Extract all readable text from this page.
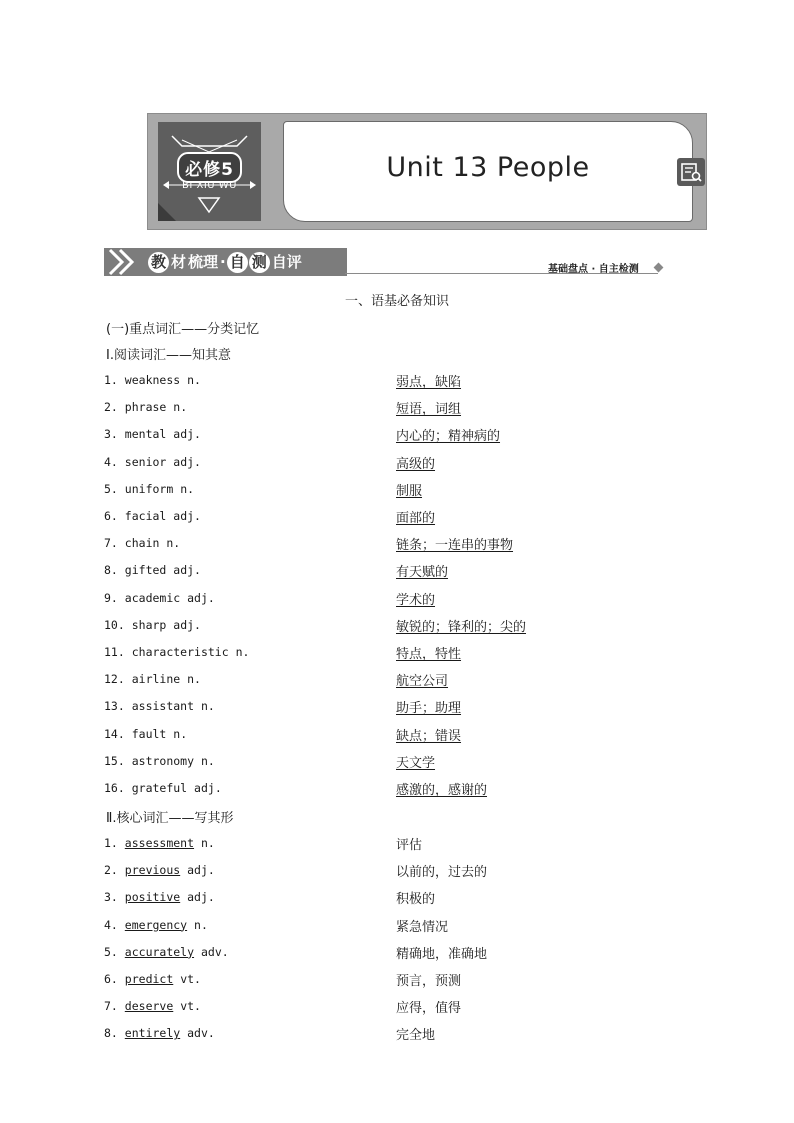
必修5
BI XIU WU
Unit 13 People
教 材 梳理 · 自 测 自评	基础盘点 · 自主检测
一、语基必备知识
(一)重点词汇——分类记忆
Ⅰ.阅读词汇——知其意
1. weakness n.	弱点，缺陷
2. phrase n.	短语，词组
3. mental adj.	内心的；精神病的
4. senior adj.	高级的
5. uniform n.	制服
6. facial adj.	面部的
7. chain n.	链条；一连串的事物
8. gifted adj.	有天赋的
9. academic adj.	学术的
10. sharp adj.	敏锐的；锋利的；尖的
11. characteristic n.	特点，特性
12. airline n.	航空公司
13. assistant n.	助手；助理
14. fault n.	缺点；错误
15. astronomy n.	天文学
16. grateful adj.	感激的，感谢的
Ⅱ.核心词汇——写其形
1. assessment n.	评估
2. previous adj.	以前的，过去的
3. positive adj.	积极的
4. emergency n.	紧急情况
5. accurately adv.	精确地，准确地
6. predict vt.	预言，预测
7. deserve vt.	应得，值得
8. entirely adv.	完全地
